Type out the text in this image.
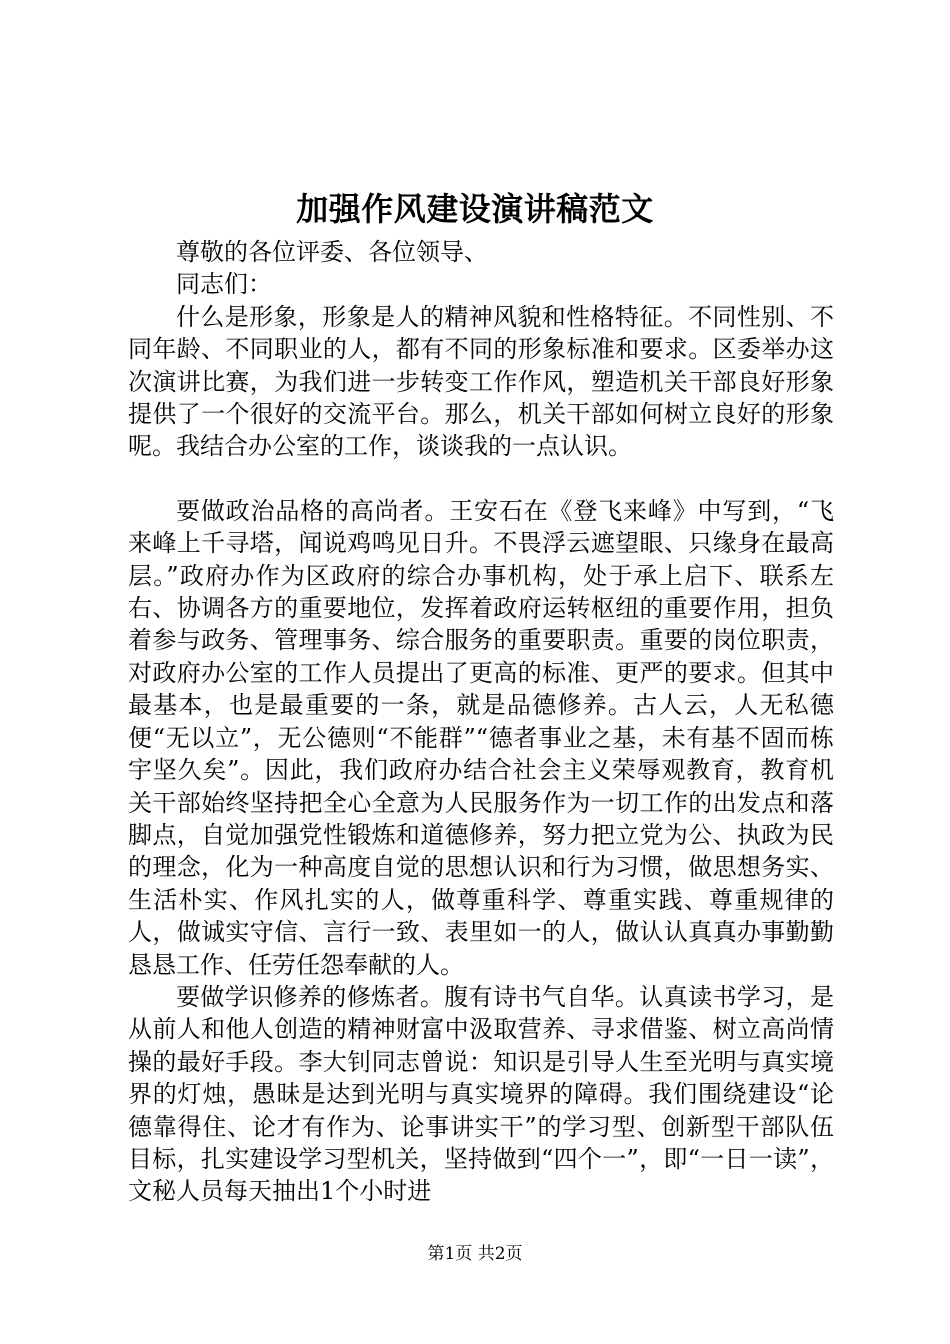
加强作风建设演讲稿范文

尊敬的各位评委、各位领导、

同志们：

什么是形象，形象是人的精神风貌和性格特征。不同性别、不同年龄、不同职业的人，都有不同的形象标准和要求。区委举办这次演讲比赛，为我们进一步转变工作作风，塑造机关干部良好形象提供了一个很好的交流平台。那么，机关干部如何树立良好的形象呢。我结合办公室的工作，谈谈我的一点认识。

要做政治品格的高尚者。王安石在《登飞来峰》中写到，“飞来峰上千寻塔，闻说鸡鸣见日升。不畏浮云遮望眼、只缘身在最高层。”政府办作为区政府的综合办事机构，处于承上启下、联系左右、协调各方的重要地位，发挥着政府运转枢纽的重要作用，担负着参与政务、管理事务、综合服务的重要职责。重要的岗位职责，对政府办公室的工作人员提出了更高的标准、更严的要求。但其中最基本，也是最重要的一条，就是品德修养。古人云，人无私德便“无以立”，无公德则“不能群”“德者事业之基，未有基不固而栋宇坚久矣”。因此，我们政府办结合社会主义荣辱观教育，教育机关干部始终坚持把全心全意为人民服务作为一切工作的出发点和落脚点，自觉加强党性锻炼和道德修养，努力把立党为公、执政为民的理念，化为一种高度自觉的思想认识和行为习惯，做思想务实、生活朴实、作风扎实的人，做尊重科学、尊重实践、尊重规律的人，做诚实守信、言行一致、表里如一的人，做认认真真办事勤勤恳恳工作、任劳任怨奉献的人。

要做学识修养的修炼者。腹有诗书气自华。认真读书学习，是从前人和他人创造的精神财富中汲取营养、寻求借鉴、树立高尚情操的最好手段。李大钊同志曾说：知识是引导人生至光明与真实境界的灯烛，愚昧是达到光明与真实境界的障碍。我们围绕建设“论德靠得住、论才有作为、论事讲实干”的学习型、创新型干部队伍目标，扎实建设学习型机关，坚持做到“四个一”，即“一日一读”，文秘人员每天抽出1个小时进

第1页 共2页
